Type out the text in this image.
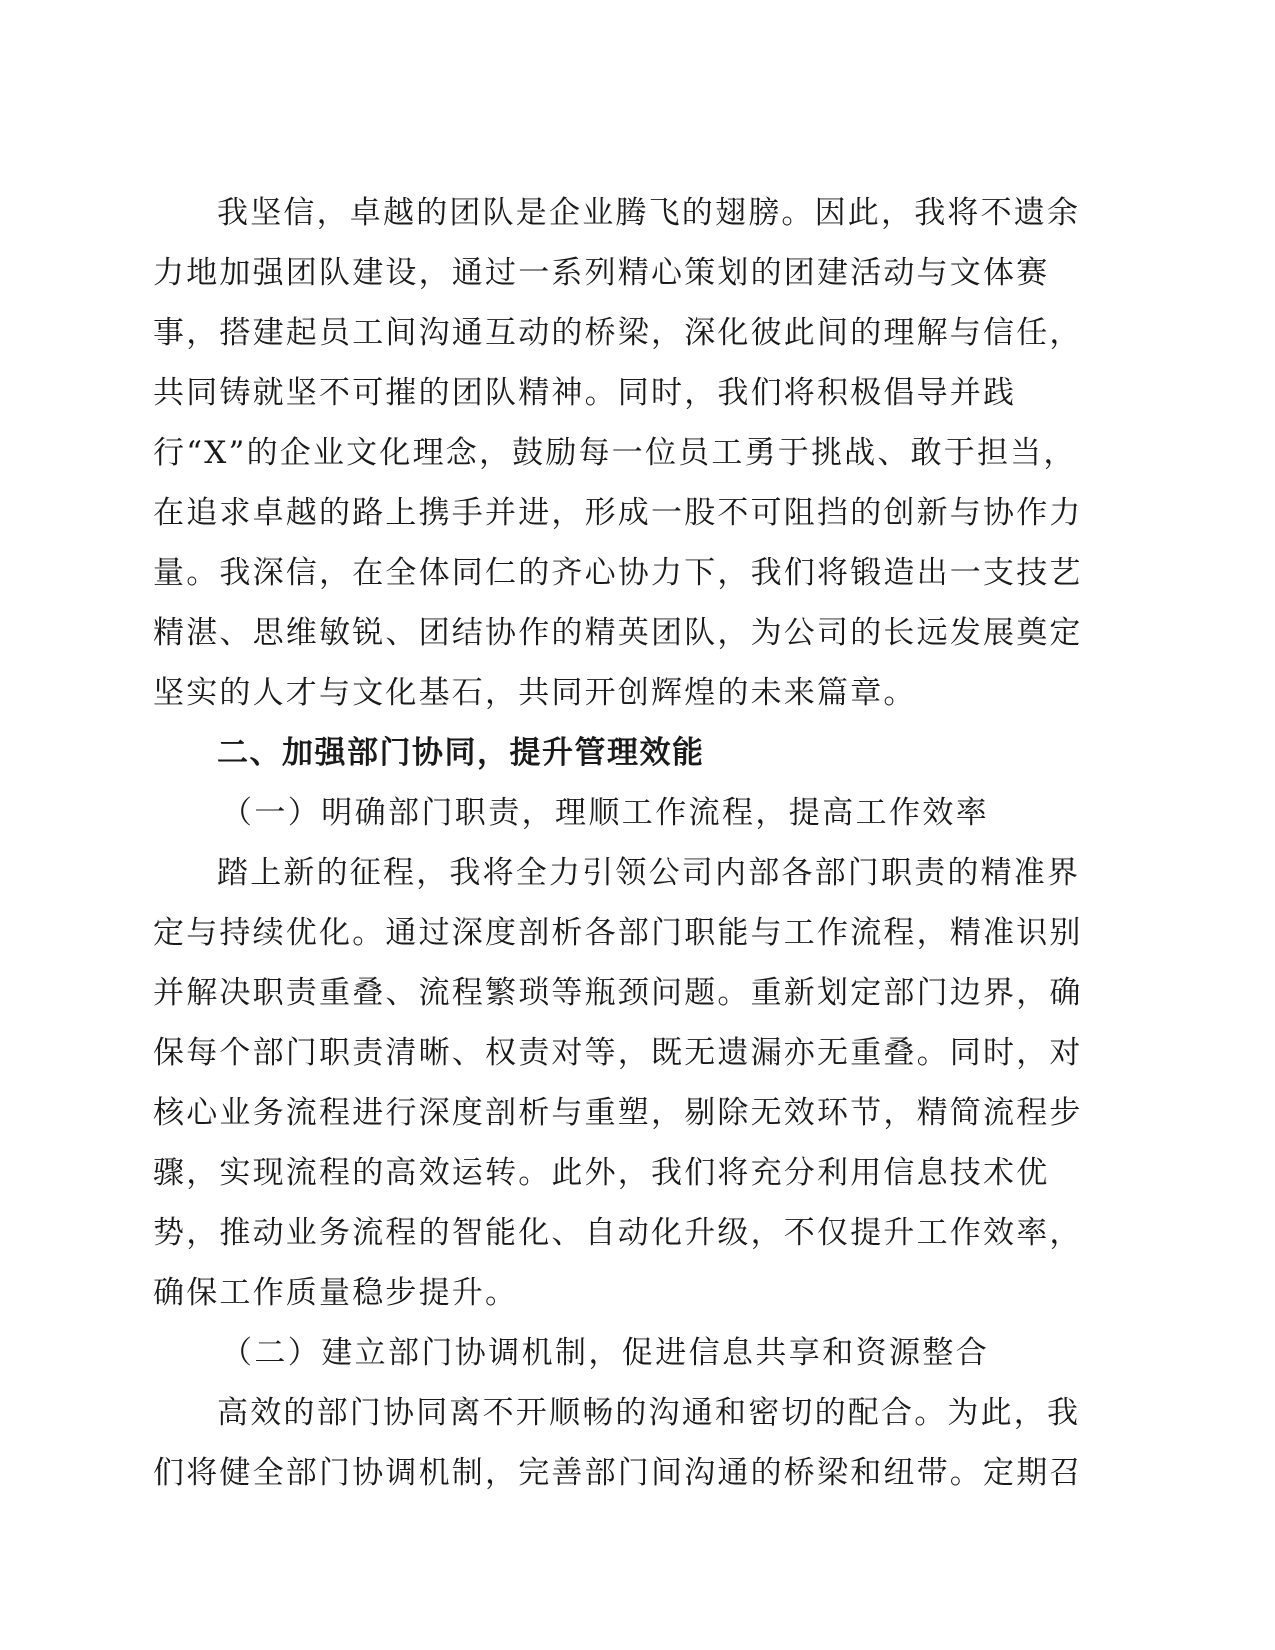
我坚信，卓越的团队是企业腾飞的翅膀。因此，我将不遗余
力地加强团队建设，通过一系列精心策划的团建活动与文体赛
事，搭建起员工间沟通互动的桥梁，深化彼此间的理解与信任，
共同铸就坚不可摧的团队精神。同时，我们将积极倡导并践
行“X”的企业文化理念，鼓励每一位员工勇于挑战、敢于担当，
在追求卓越的路上携手并进，形成一股不可阻挡的创新与协作力
量。我深信，在全体同仁的齐心协力下，我们将锻造出一支技艺
精湛、思维敏锐、团结协作的精英团队，为公司的长远发展奠定
坚实的人才与文化基石，共同开创辉煌的未来篇章。
二、加强部门协同，提升管理效能
（一）明确部门职责，理顺工作流程，提高工作效率
踏上新的征程，我将全力引领公司内部各部门职责的精准界
定与持续优化。通过深度剖析各部门职能与工作流程，精准识别
并解决职责重叠、流程繁琐等瓶颈问题。重新划定部门边界，确
保每个部门职责清晰、权责对等，既无遗漏亦无重叠。同时，对
核心业务流程进行深度剖析与重塑，剔除无效环节，精简流程步
骤，实现流程的高效运转。此外，我们将充分利用信息技术优
势，推动业务流程的智能化、自动化升级，不仅提升工作效率，
确保工作质量稳步提升。
（二）建立部门协调机制，促进信息共享和资源整合
高效的部门协同离不开顺畅的沟通和密切的配合。为此，我
们将健全部门协调机制，完善部门间沟通的桥梁和纽带。定期召
